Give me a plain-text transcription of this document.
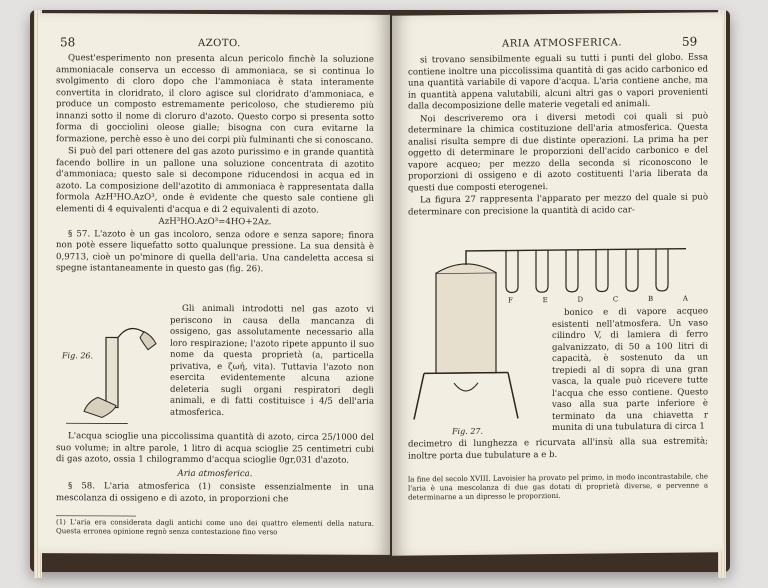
58	AZOTO.

Quest'esperimento non presenta alcun pericolo finchè la soluzione ammoniacale conserva un eccesso di ammoniaca, se si continua lo svolgimento di cloro dopo che l'ammoniaca è stata interamente convertita in cloridrato, il cloro agisce sul cloridrato d'ammoniaca, e produce un composto estremamente pericoloso, che studieremo più innanzi sotto il nome di cloruro d'azoto. Questo corpo si presenta sotto forma di gocciolini oleose gialle; bisogna con cura evitarne la formazione, perchè esso è uno dei corpi più fulminanti che si conoscano.

Si può del pari ottenere del gas azoto purissimo e in grande quantità facendo bollire in un pallone una soluzione concentrata di azotito d'ammoniaca; questo sale si decompone riducendosi in acqua ed in azoto. La composizione dell'azotito di ammoniaca è rappresentata dalla formola AzH³HO.AzO³, onde è evidente che questo sale contiene gli elementi di 4 equivalenti d'acqua e di 2 equivalenti di azoto.

AzH³HO.AzO³=4HO+2Az.

§ 57. L'azoto è un gas incoloro, senza odore e senza sapore; finora non potè essere liquefatto sotto qualunque pressione. La sua densità è 0,9713, cioè un po'minore di quella dell'aria. Una candeletta accesa si spegne istantaneamente in questo gas (fig. 26).

Fig. 26.

Gli animali introdotti nel gas azoto vi periscono in causa della mancanza di ossigeno, gas assolutamente necessario alla loro respirazione; l'azoto ripete appunto il suo nome da questa proprietà (a, particella privativa, e ζωή, vita). Tuttavia l'azoto non esercita evidentemente alcuna azione deleteria sugli organi respiratori degli animali, e di fatti costituisce i 4/5 dell'aria atmosferica.

L'acqua scioglie una piccolissima quantità di azoto, circa 25/1000 del suo volume; in altre parole, 1 litro di acqua scioglie 25 centimetri cubi di gas azoto, ossia 1 chilogrammo d'acqua scioglie 0gr,031 d'azoto.

Aria atmosferica.

§ 58. L'aria atmosferica (1) consiste essenzialmente in una mescolanza di ossigeno e di azoto, in proporzioni che

(1) L'aria era considerata dagli antichi come uno dei quattro elementi della natura. Questa erronea opinione regnò senza contestazione fino verso
ARIA ATMOSFERICA.	59

si trovano sensibilmente eguali su tutti i punti del globo. Essa contiene inoltre una piccolissima quantità di gas acido carbonico ed una quantità variabile di vapore d'acqua. L'aria contiene anche, ma in quantità appena valutabili, alcuni altri gas o vapori provenienti dalla decomposizione delle materie vegetali ed animali.

Noi descriveremo ora i diversi metodi coi quali si può determinare la chimica costituzione dell'aria atmosferica. Questa analisi risulta sempre di due distinte operazioni. La prima ha per oggetto di determinare le proporzioni dell'acido carbonico e del vapore acqueo; per mezzo della seconda si riconoscono le proporzioni di ossigeno e di azoto costituenti l'aria liberata da questi due composti eterogenei.

La figura 27 rappresenta l'apparato per mezzo del quale si può determinare con precisione la quantità di acido car-

F	E	D	C	B	A
Fig. 27.

bonico e di vapore acqueo esistenti nell'atmosfera. Un vaso cilindro V, di lamiera di ferro galvanizzato, di 50 a 100 litri di capacità, è sostenuto da un trepiedi al di sopra di una gran vasca, la quale può ricevere tutte l'acqua che esso contiene. Questo vaso alla sua parte inferiore è terminato da una chiavetta r munita di una tubulatura di circa 1

decimetro di lunghezza e ricurvata all'insù alla sua estremità; inoltre porta due tubulature a e b.

la fine del secolo XVIII. Lavoisier ha provato pel primo, in modo incontrastabile, che l'aria è una mescolanza di due gas dotati di proprietà diverse, e pervenne a determinarne a un dipresso le proporzioni.
